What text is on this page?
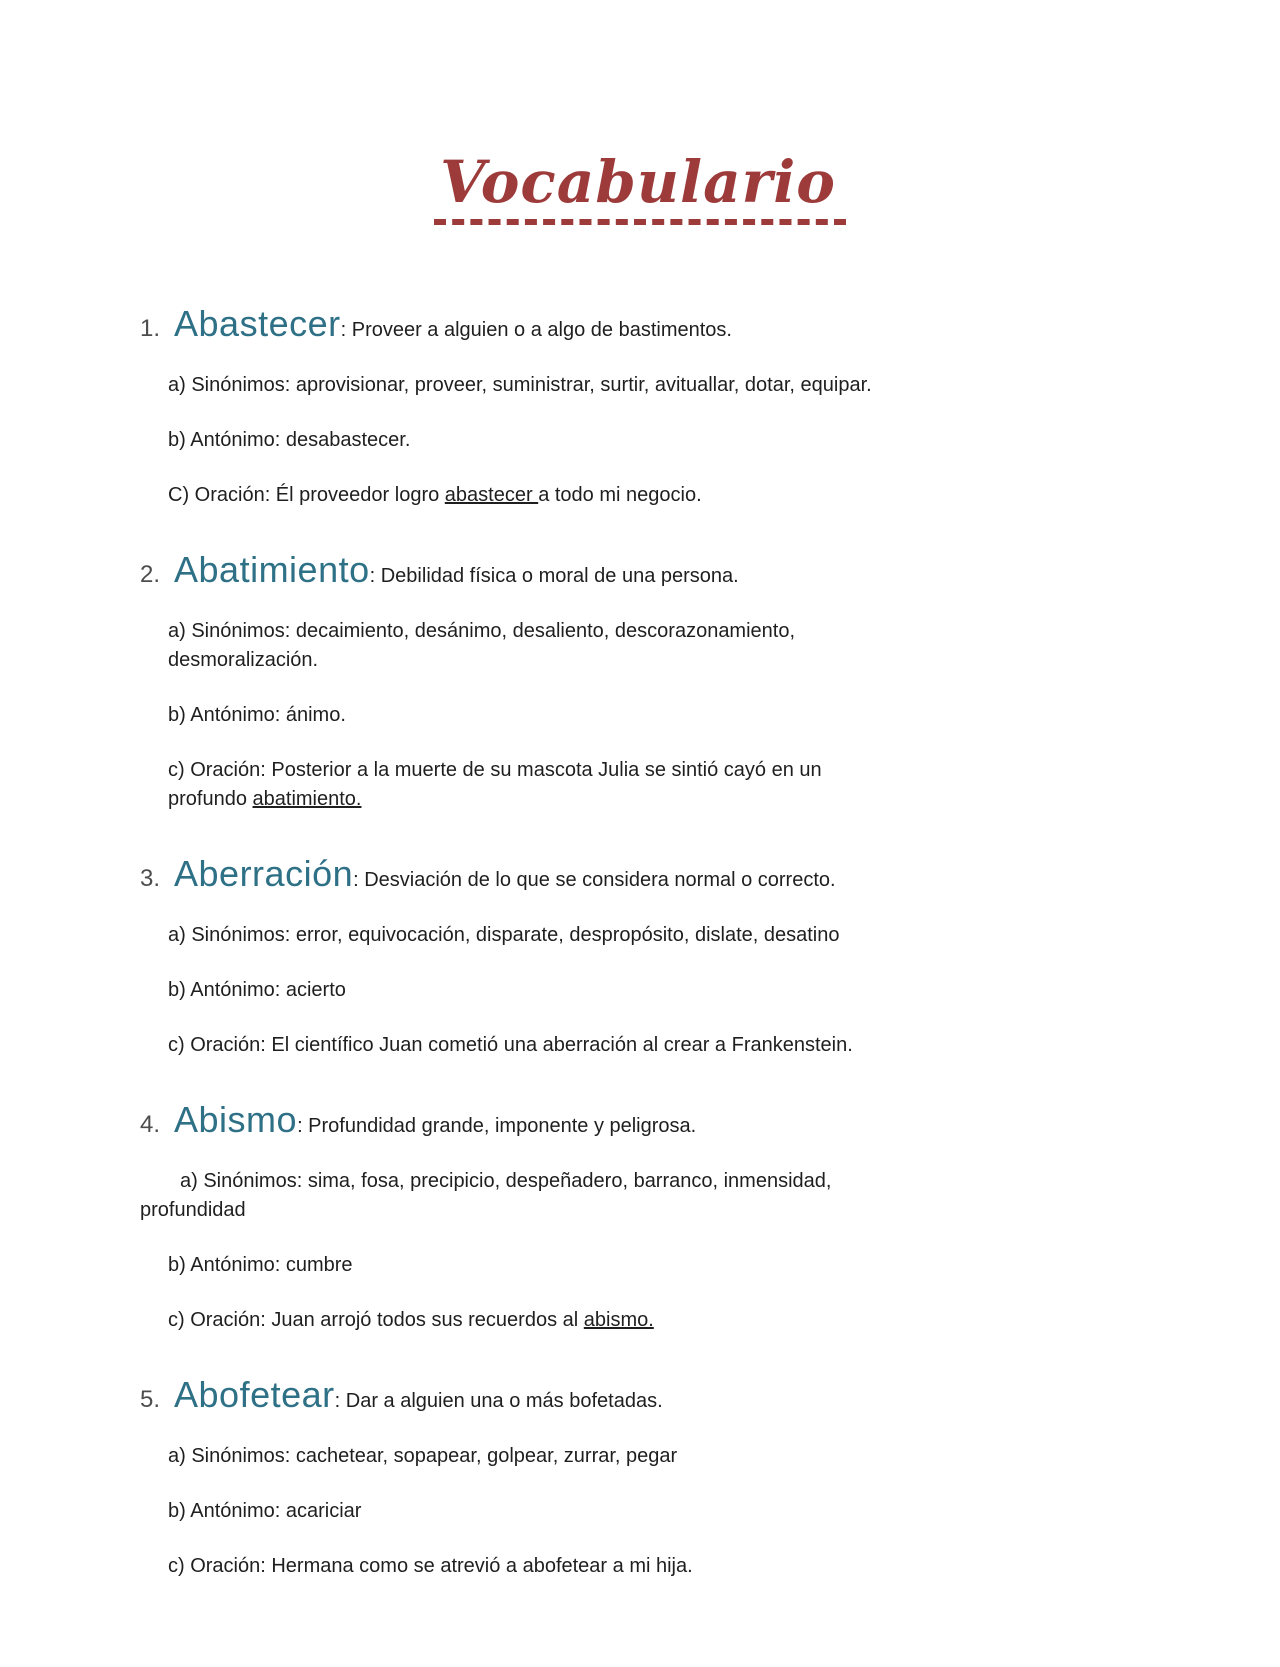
Vocabulario
1. Abastecer: Proveer a alguien o a algo de bastimentos.

a) Sinónimos: aprovisionar, proveer, suministrar, surtir, avituallar, dotar, equipar.

b) Antónimo: desabastecer.

C) Oración: Él proveedor logro abastecer a todo mi negocio.

2. Abatimiento: Debilidad física o moral de una persona.

a) Sinónimos: decaimiento, desánimo, desaliento, descorazonamiento,
desmoralización.

b) Antónimo: ánimo.

c) Oración: Posterior a la muerte de su mascota Julia se sintió cayó en un
profundo abatimiento.

3. Aberración: Desviación de lo que se considera normal o correcto.

a) Sinónimos: error, equivocación, disparate, despropósito, dislate, desatino

b) Antónimo: acierto

c) Oración: El científico Juan cometió una aberración al crear a Frankenstein.

4. Abismo: Profundidad grande, imponente y peligrosa.

a) Sinónimos: sima, fosa, precipicio, despeñadero, barranco, inmensidad,
profundidad

b) Antónimo: cumbre

c) Oración: Juan arrojó todos sus recuerdos al abismo.

5. Abofetear: Dar a alguien una o más bofetadas.

a) Sinónimos: cachetear, sopapear, golpear, zurrar, pegar

b) Antónimo: acariciar

c) Oración: Hermana como se atrevió a abofetear a mi hija.
